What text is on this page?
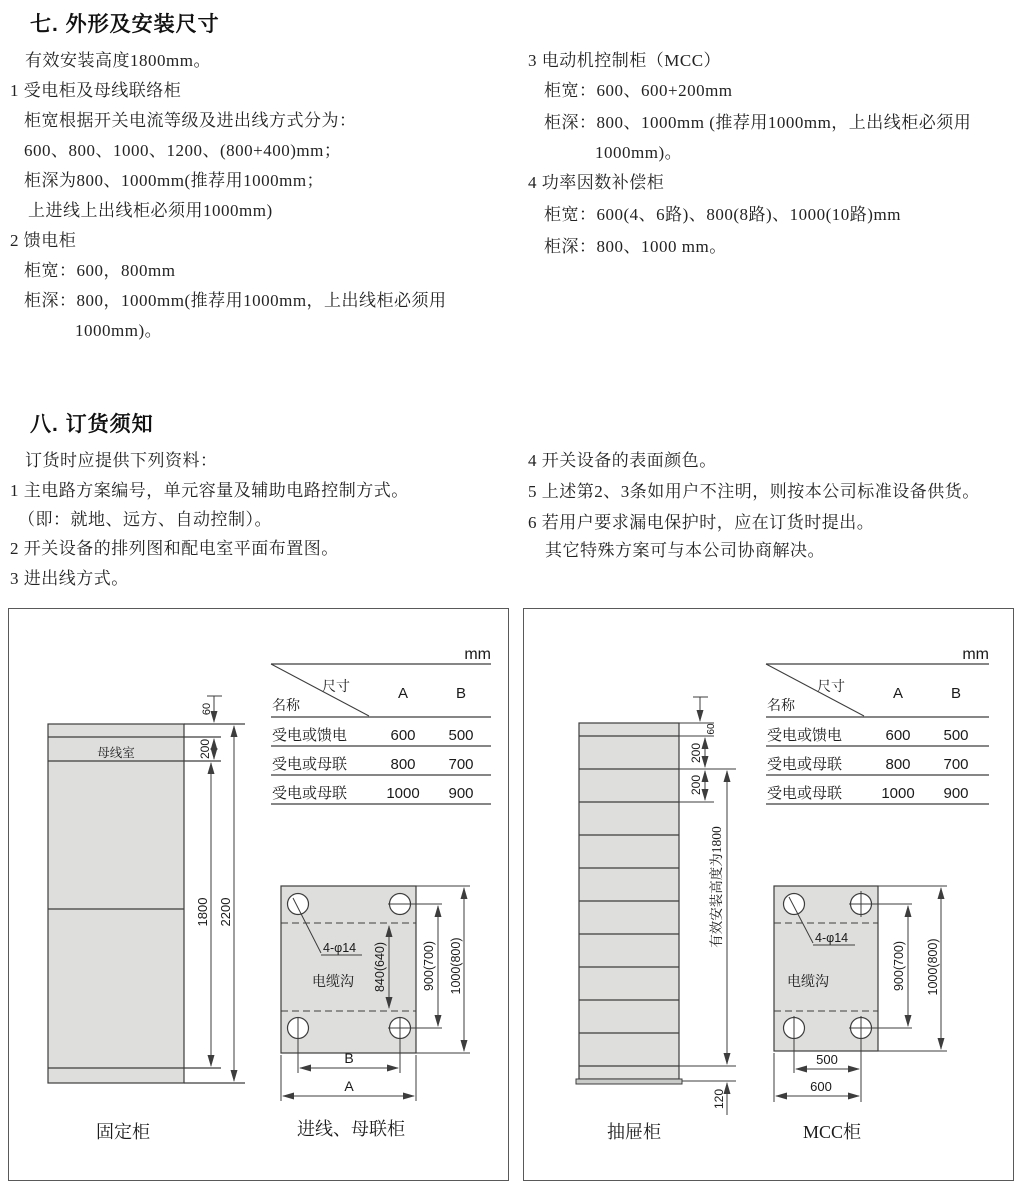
七. 外形及安装尺寸
有效安装高度1800mm。
1 受电柜及母线联络柜
柜宽根据开关电流等级及进出线方式分为：
600、800、1000、1200、(800+400)mm；
柜深为800、1000mm(推荐用1000mm；
上进线上出线柜必须用1000mm)
2 馈电柜
柜宽：600，800mm
柜深：800，1000mm(推荐用1000mm，上出线柜必须用
1000mm)。
3 电动机控制柜（MCC）
柜宽：600、600+200mm
柜深：800、1000mm (推荐用1000mm，上出线柜必须用
1000mm)。
4 功率因数补偿柜
柜宽：600(4、6路)、800(8路)、1000(10路)mm
柜深：800、1000 mm。
八. 订货须知
订货时应提供下列资料：
1 主电路方案编号，单元容量及辅助电路控制方式。
（即：就地、远方、自动控制）。
2 开关设备的排列图和配电室平面布置图。
3 进出线方式。
4 开关设备的表面颜色。
5 上述第2、3条如用户不注明，则按本公司标准设备供货。
6 若用户要求漏电保护时，应在订货时提出。
其它特殊方案可与本公司协商解决。
母线室
60
200
1800 2200
固定柜
mm
尺寸
名称
A	B
受电或馈电	600 500
受电或母联	800 700
受电或母联	1000 900
4-φ14
电缆沟 840(640)	900(700) 1000(800)
B
A
进线、母联柜
60
200
200
有效安装高度为1800
120
抽屉柜
mm
尺寸
名称
A	B
受电或馈电	600 500
受电或母联	800 700
受电或母联	1000 900
4-φ14
电缆沟	900(700) 1000(800)
500
600
MCC柜
